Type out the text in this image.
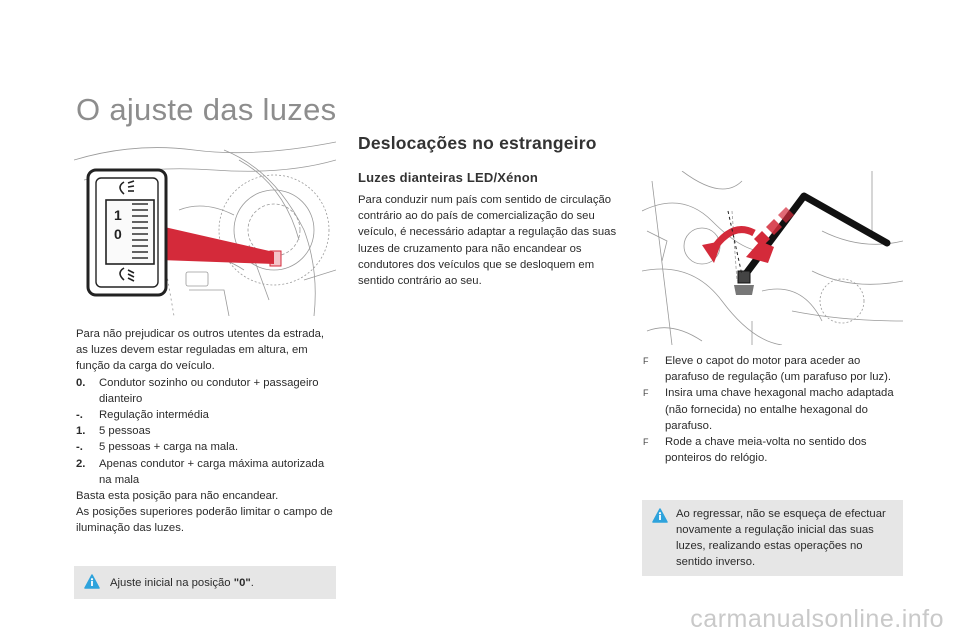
O ajuste das luzes
1
0

Para não prejudicar os outros utentes da estrada, as luzes devem estar reguladas em altura, em função da carga do veículo.

0.	Condutor sozinho ou condutor + passageiro dianteiro
-.	Regulação intermédia
1.	5 pessoas
-.	5 pessoas + carga na mala.
2.	Apenas condutor + carga máxima autorizada na mala

Basta esta posição para não encandear.

As posições superiores poderão limitar o campo de iluminação das luzes.

Ajuste inicial na posição "0".
Deslocações no estrangeiro
Luzes dianteiras LED/Xénon

Para conduzir num país com sentido de circulação contrário ao do país de comercialização do seu veículo, é necessário adaptar a regulação das suas luzes de cruzamento para não encandear os condutores dos veículos que se desloquem em sentido contrário ao seu.

F	Eleve o capot do motor para aceder ao parafuso de regulação (um parafuso por luz).
F	Insira uma chave hexagonal macho adaptada (não fornecida) no entalhe hexagonal do parafuso.
F	Rode a chave meia-volta no sentido dos ponteiros do relógio.
Ao regressar, não se esqueça de efectuar novamente a regulação inicial das suas luzes, realizando estas operações no sentido inverso.
carmanualsonline.info
